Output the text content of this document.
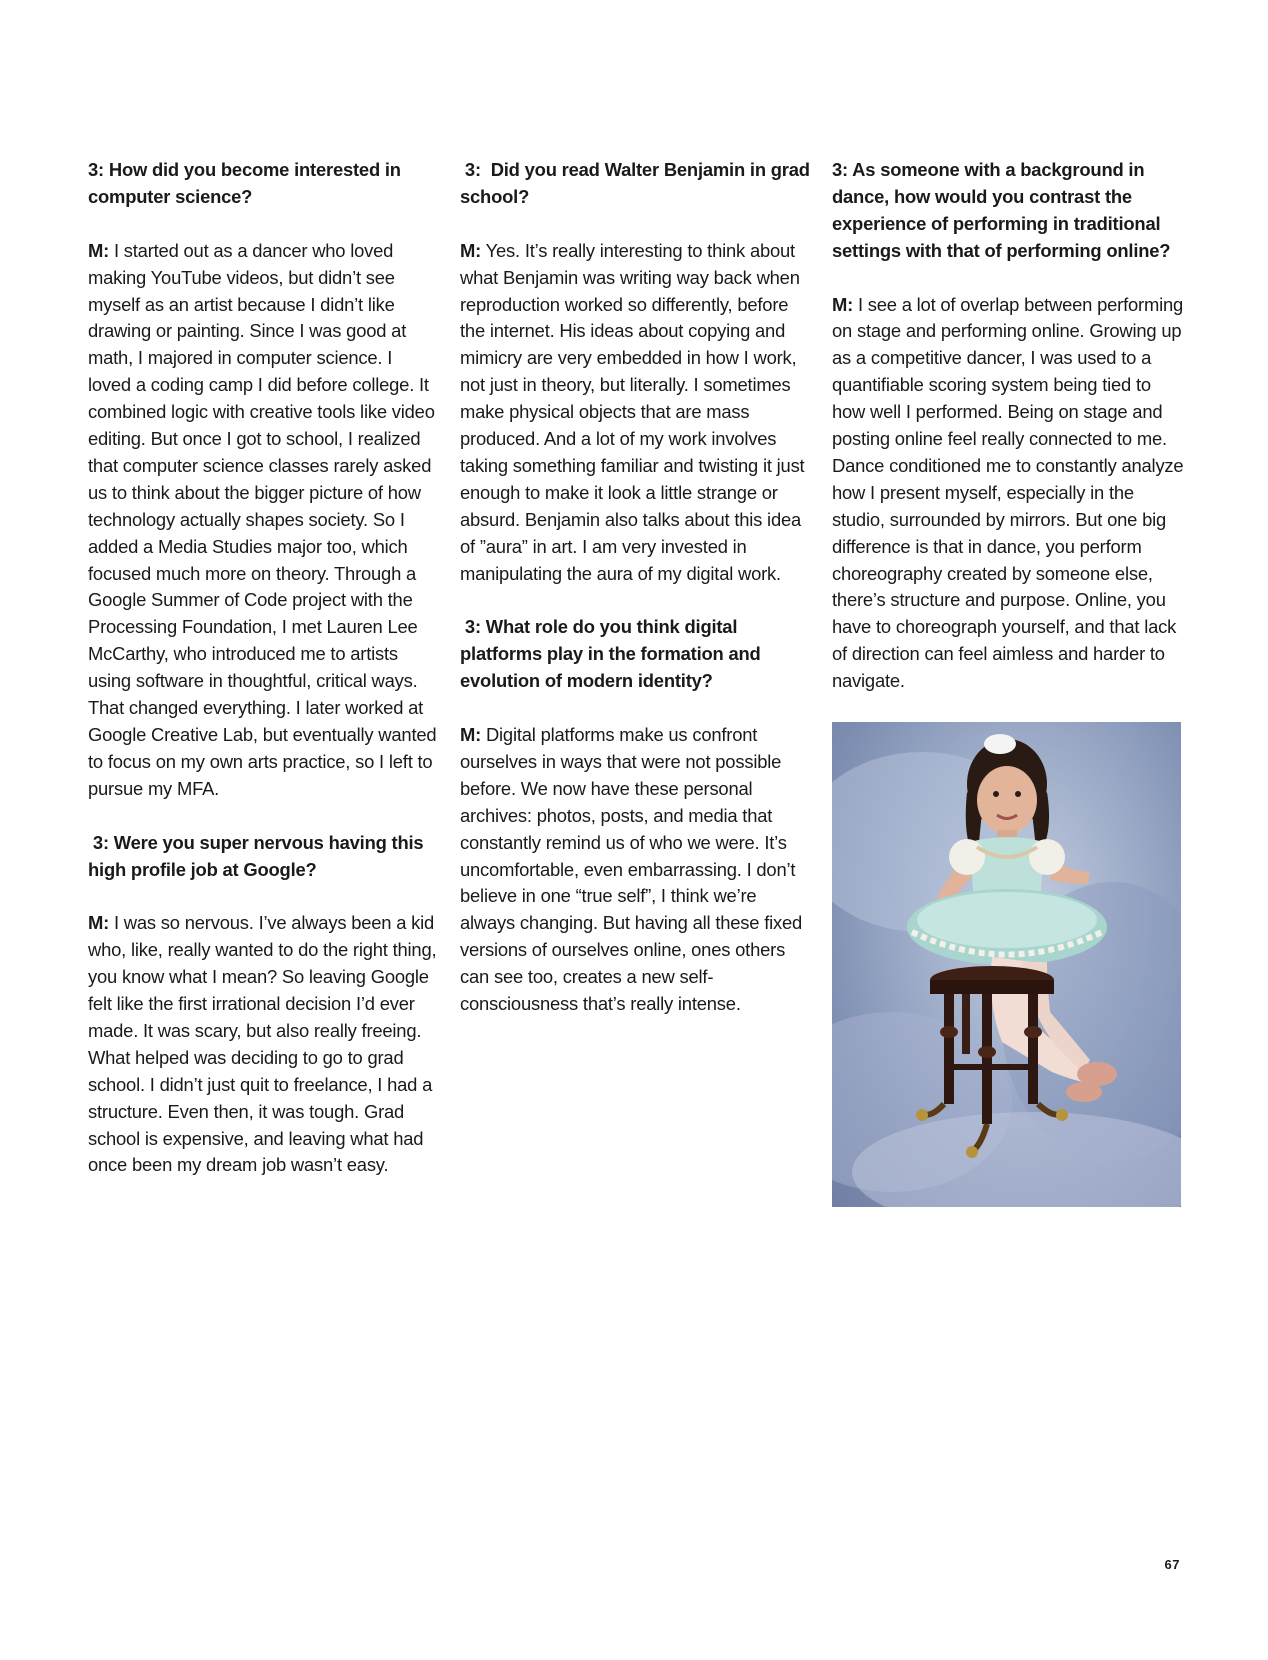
3: How did you become interested in computer science?
M: I started out as a dancer who loved making YouTube videos, but didn’t see myself as an artist because I didn’t like drawing or painting. Since I was good at math, I majored in computer science. I loved a coding camp I did before college. It combined logic with creative tools like video editing. But once I got to school, I realized that computer science classes rarely asked us to think about the bigger picture of how technology actually shapes society. So I added a Media Studies major too, which focused much more on theory. Through a Google Summer of Code project with the Processing Foundation, I met Lauren Lee McCarthy, who introduced me to artists using software in thoughtful, critical ways. That changed everything. I later worked at Google Creative Lab, but eventually wanted to focus on my own arts practice, so I left to pursue my MFA.
3: Were you super nervous having this high profile job at Google?
M: I was so nervous. I’ve always been a kid who, like, really wanted to do the right thing, you know what I mean? So leaving Google felt like the first irrational decision I’d ever made. It was scary, but also really freeing. What helped was deciding to go to grad school. I didn’t just quit to freelance, I had a structure. Even then, it was tough. Grad school is expensive, and leaving what had once been my dream job wasn’t easy.
3:  Did you read Walter Benjamin in grad school?
M: Yes. It’s really interesting to think about what Benjamin was writing way back when reproduction worked so differently, before the internet. His ideas about copying and mimicry are very embedded in how I work, not just in theory, but literally. I sometimes make physical objects that are mass produced. And a lot of my work involves taking something familiar and twisting it just enough to make it look a little strange or absurd. Benjamin also talks about this idea of ”aura” in art. I am very invested in manipulating the aura of my digital work.
3: What role do you think digital platforms play in the formation and evolution of modern identity?
M: Digital platforms make us confront ourselves in ways that were not possible before. We now have these personal archives: photos, posts, and media that constantly remind us of who we were. It’s uncomfortable, even embarrassing. I don’t believe in one “true self”, I think we’re always changing. But having all these fixed versions of ourselves online, ones others can see too, creates a new self-consciousness that’s really intense.
3: As someone with a background in dance, how would you contrast the experience of performing in traditional settings with that of performing online?
M: I see a lot of overlap between performing on stage and performing online. Growing up as a competitive dancer, I was used to a quantifiable scoring system being tied to how well I performed. Being on stage and posting online feel really connected to me. Dance conditioned me to constantly analyze how I present myself, especially in the studio, surrounded by mirrors. But one big difference is that in dance, you perform choreography created by someone else, there’s structure and purpose. Online, you have to choreograph yourself, and that lack of direction can feel aimless and harder to navigate.
67
